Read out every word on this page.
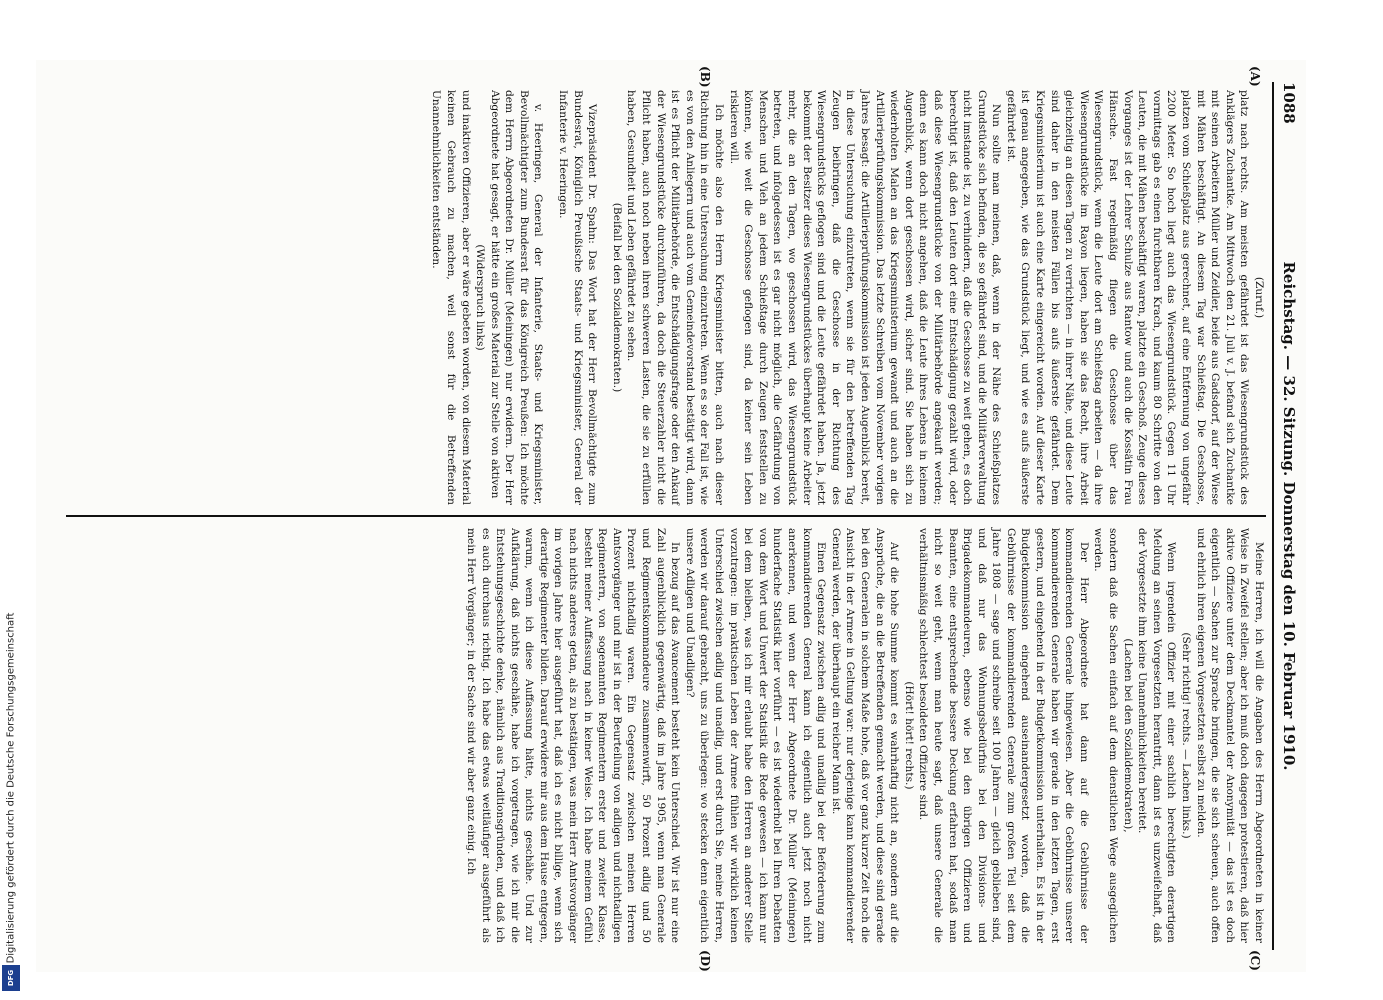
1088
Reichstag. — 32. Sitzung. Donnerstag den 10. Februar 1910.
(A)
(B)
(C)
(D)

(Zuruf.)

platz nach rechts. Am meisten gefährdet ist das Wiesengrundstück des Anklägers Zuchantke. Am Mittwoch den 21. Juli v. J. befand sich Zuchantke mit seinen Arbeitern Müller und Zeidler, beide aus Gadsdorf, auf der Wiese mit Mähen beschäftigt. An diesem Tag war Schießtag. Die Geschosse, platzen vom Schießplatz aus gerechnet, auf eine Entfernung von ungefähr 2200 Meter. So hoch liegt auch das Wiesengrundstück. Gegen 11 Uhr vormittags gab es einen furchtbaren Krach, und kaum 80 Schritte von den Leuten, die mit Mähen beschäftigt waren, platzte ein Geschoß. Zeuge dieses Vorganges ist der Lehrer Schulze aus Rantow und auch die Kossätin Frau Hänsche. Fast regelmäßig fliegen die Geschosse über das Wiesengrundstück, wenn die Leute dort am Schießtag arbeiten — da ihre Wiesengrundstücke im Rayon liegen, haben sie das Recht, ihre Arbeit gleichzeitig an diesen Tagen zu verrichten — in ihrer Nähe, und diese Leute sind daher in den meisten Fällen bis aufs äußerste gefährdet. Dem Kriegsministerium ist auch eine Karte eingereicht worden. Auf dieser Karte ist genau angegeben, wie das Grundstück liegt, und wie es aufs äußerste gefährdet ist.

Nun sollte man meinen, daß, wenn in der Nähe des Schießplatzes Grundstücke sich befinden, die so gefährdet sind, und die Militärverwaltung nicht imstande ist, zu verhindern, daß die Geschosse zu weit gehen, es doch berechtigt ist, daß den Leuten dort eine Entschädigung gezahlt wird, oder daß diese Wiesengrundstücke von der Militärbehörde angekauft werden; denn es kann doch nicht angehen, daß die Leute ihres Lebens in keinem Augenblick, wenn dort geschossen wird, sicher sind. Sie haben sich zu wiederholten Malen an das Kriegsministerium gewandt und auch an die Artillerieprüfungskommission. Das letzte Schreiben vom November vorigen Jahres besagt: die Artillerieprüfungskommission ist jeden Augenblick bereit, in diese Untersuchung einzutreten, wenn sie für den betreffenden Tag Zeugen beibringen, daß die Geschosse in der Richtung des Wiesengrundstücks geflogen sind und die Leute gefährdet haben. Ja, jetzt bekommt der Besitzer dieses Wiesengrundstückes überhaupt keine Arbeiter mehr, die an den Tagen, wo geschossen wird, das Wiesengrundstück betreten, und infolgedessen ist es gar nicht möglich, die Gefährdung von Menschen und Vieh an jedem Schießtage durch Zeugen feststellen zu können, wie weit die Geschosse geflogen sind, da keiner sein Leben riskieren will.

Ich möchte also den Herrn Kriegsminister bitten, auch nach dieser Richtung hin in eine Untersuchung einzutreten. Wenn es so der Fall ist, wie es von den Anliegern und auch vom Gemeindevorstand bestätigt wird, dann ist es Pflicht der Militärbehörde, die Entschädigungsfrage oder den Ankauf der Wiesengrundstücke durchzuführen, da doch die Steuerzahler nicht die Pflicht haben, auch noch neben ihren schweren Lasten, die sie zu erfüllen haben, Gesundheit und Leben gefährdet zu sehen.

(Beifall bei den Sozialdemokraten.)

Vizepräsident Dr. Spahn: Das Wort hat der Herr Bevollmächtigte zum Bundesrat, Königlich Preußische Staats- und Kriegsminister, General der Infanterie v. Heeringen.

v. Heeringen, General der Infanterie, Staats- und Kriegsminister, Bevollmächtigter zum Bundesrat für das Königreich Preußen: Ich möchte dem Herrn Abgeordneten Dr. Müller (Meiningen) nur erwidern. Der Herr Abgeordnete hat gesagt, er hätte ein großes Material zur Stelle von aktiven

(Widerspruch links)

und inaktiven Offizieren, aber er wäre gebeten worden, von diesem Material keinen Gebrauch zu machen, weil sonst für die Betreffenden Unannehmlichkeiten entständen.

Meine Herren, ich will die Angaben des Herrn Abgeordneten in keiner Weise in Zweifel stellen; aber ich muß doch dagegen protestieren, daß hier aktive Offiziere unter dem Deckmantel der Anonymität — das ist es doch eigentlich — Sachen zur Sprache bringen, die sie sich scheuen, auch offen und ehrlich ihren eigenen Vorgesetzten selbst zu melden.

(Sehr richtig! rechts. — Lachen links.)

Wenn irgendein Offizier mit einer sachlich berechtigten derartigen Meldung an seinen Vorgesetzten herantritt, dann ist es unzweifelhaft, daß der Vorgesetzte ihm keine Unannehmlichkeiten bereitet.

(Lachen bei den Sozialdemokraten),

sondern daß die Sachen einfach auf dem dienstlichen Wege ausgeglichen werden.

Der Herr Abgeordnete hat dann auf die Gebührnisse der kommandierenden Generale hingewiesen. Aber die Gebührnisse unserer kommandierenden Generale haben wir gerade in den letzten Tagen, erst gestern, und eingehend in der Budgetkommission unterhalten. Es ist in der Budgetkommission eingehend auseinandergesetzt worden, daß die Gebührnisse der kommandierenden Generale zum großen Teil seit dem Jahre 1808 — sage und schreibe seit 100 Jahren — gleich geblieben sind, und daß nur das Wohnungsbedürfnis bei den Divisions- und Brigadekommandeuren, ebenso wie bei den übrigen Offizieren und Beamten, eine entsprechende bessere Deckung erfahren hat, sodaß man nicht so weit geht, wenn man heute sagt, daß unsere Generale die verhältnismäßig schlechtest besoldeten Offiziere sind.

(Hört! hört! rechts.)

Auf die hohe Summe kommt es wahrhaftig nicht an, sondern auf die Ansprüche, die an die Betreffenden gemacht werden, und diese sind gerade bei den Generalen in solchem Maße hohe, daß vor ganz kurzer Zeit noch die Ansicht in der Armee in Geltung war: nur derjenige kann kommandierender General werden, der überhaupt ein reicher Mann ist.

Einen Gegensatz zwischen adlig und unadlig bei der Beförderung zum kommandierenden General kann ich eigentlich auch jetzt noch nicht anerkennen, und wenn der Herr Abgeordnete Dr. Müller (Meiningen) hunderfache Statistik hier vorführt — es ist wiederholt bei Ihren Debatten von dem Wort und Unwert der Statistik die Rede gewesen — ich kann nur bei dem bleiben, was ich mir erlaubt habe den Herren an anderer Stelle vorzutragen: im praktischen Leben der Armee fühlen wir wirklich keinen Unterschied zwischen adlig und unadlig, und erst durch Sie, meine Herren, werden wir darauf gebracht, uns zu überlegen: wo stecken denn eigentlich unsere Adligen und Unadligen?

In bezug auf das Avancement besteht kein Unterschied. Wir ist nur eine Zahl augenblicklich gegenwärtig, daß im Jahre 1905, wenn man Generale und Regimentskommandeure zusammenwirft, 50 Prozent adlig und 50 Prozent nichtadlig waren. Ein Gegensatz zwischen meinen Herren Amtsvorgänger und mir ist in der Beurteilung von adligen und nichtadligen Regimentern, von sogenannten Regimentern erster und zweiter Klasse, besteht meiner Auffassung nach in keiner Weise. Ich habe meinem Gefühl nach nichts anderes getan, als zu bestätigen, was mein Herr Amtsvorgänger im vorigen Jahre hier ausgeführt hat, daß ich es nicht billige, wenn sich derartige Regimenter bilden. Darauf erwidere mir aus dem Hause entgegen, warum, wenn ich diese Auffassung hätte, nichts geschähe. Und zur Aufklärung, daß nichts geschähe, habe ich vorgetragen, wie ich mir die Entstehungsgeschichte denke, nämlich aus Traditionsgründen, und daß ich es auch durchaus richtig. Ich habe das etwas weitläufiger ausgeführt als mein Herr Vorgänger; in der Sache sind wir aber ganz einig. Ich

Digitalisierung gefördert durch die Deutsche Forschungsgemeinschaft
DFG
